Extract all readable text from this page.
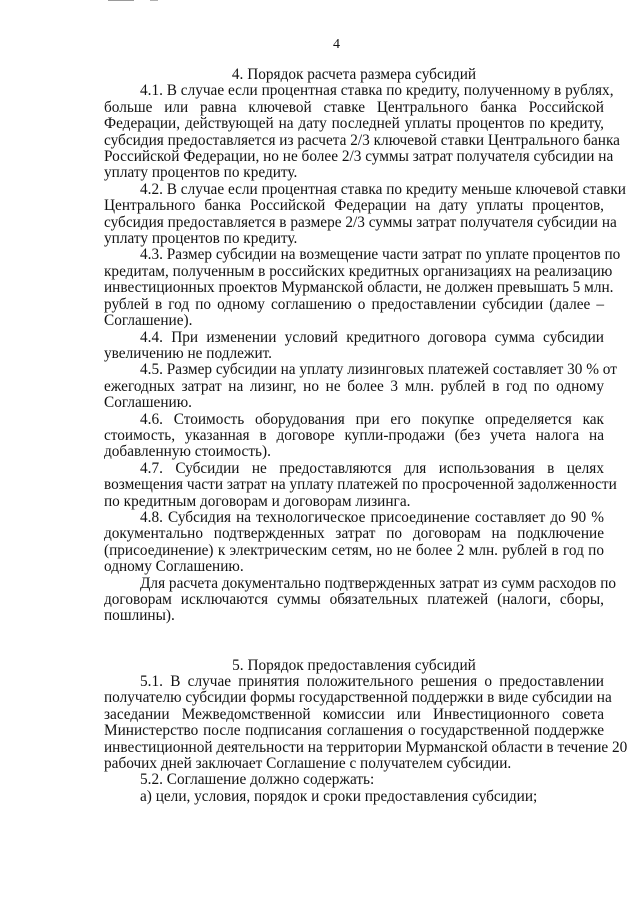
4
4. Порядок расчета размера субсидий
4.1. В случае если процентная ставка по кредиту, полученному в рублях,
больше или равна ключевой ставке Центрального банка Российской
Федерации, действующей на дату последней уплаты процентов по кредиту,
субсидия предоставляется из расчета 2/3 ключевой ставки Центрального банка
Российской Федерации, но не более 2/3 суммы затрат получателя субсидии на
уплату процентов по кредиту.
4.2. В случае если процентная ставка по кредиту меньше ключевой ставки
Центрального банка Российской Федерации на дату уплаты процентов,
субсидия предоставляется в размере 2/3 суммы затрат получателя субсидии на
уплату процентов по кредиту.
4.3. Размер субсидии на возмещение части затрат по уплате процентов по
кредитам, полученным в российских кредитных организациях на реализацию
инвестиционных проектов Мурманской области, не должен превышать 5 млн.
рублей в год по одному соглашению о предоставлении субсидии (далее –
Соглашение).
4.4. При изменении условий кредитного договора сумма субсидии
увеличению не подлежит.
4.5. Размер субсидии на уплату лизинговых платежей составляет 30 % от
ежегодных затрат на лизинг, но не более 3 млн. рублей в год по одному
Соглашению.
4.6. Стоимость оборудования при его покупке определяется как
стоимость, указанная в договоре купли-продажи (без учета налога на
добавленную стоимость).
4.7. Субсидии не предоставляются для использования в целях
возмещения части затрат на уплату платежей по просроченной задолженности
по кредитным договорам и договорам лизинга.
4.8. Субсидия на технологическое присоединение составляет до 90 %
документально подтвержденных затрат по договорам на подключение
(присоединение) к электрическим сетям, но не более 2 млн. рублей в год по
одному Соглашению.
Для расчета документально подтвержденных затрат из сумм расходов по
договорам исключаются суммы обязательных платежей (налоги, сборы,
пошлины).
5. Порядок предоставления субсидий
5.1. В случае принятия положительного решения о предоставлении
получателю субсидии формы государственной поддержки в виде субсидии на
заседании Межведомственной комиссии или Инвестиционного совета
Министерство после подписания соглашения о государственной поддержке
инвестиционной деятельности на территории Мурманской области в течение 20
рабочих дней заключает Соглашение с получателем субсидии.
5.2. Соглашение должно содержать:
а) цели, условия, порядок и сроки предоставления субсидии;
